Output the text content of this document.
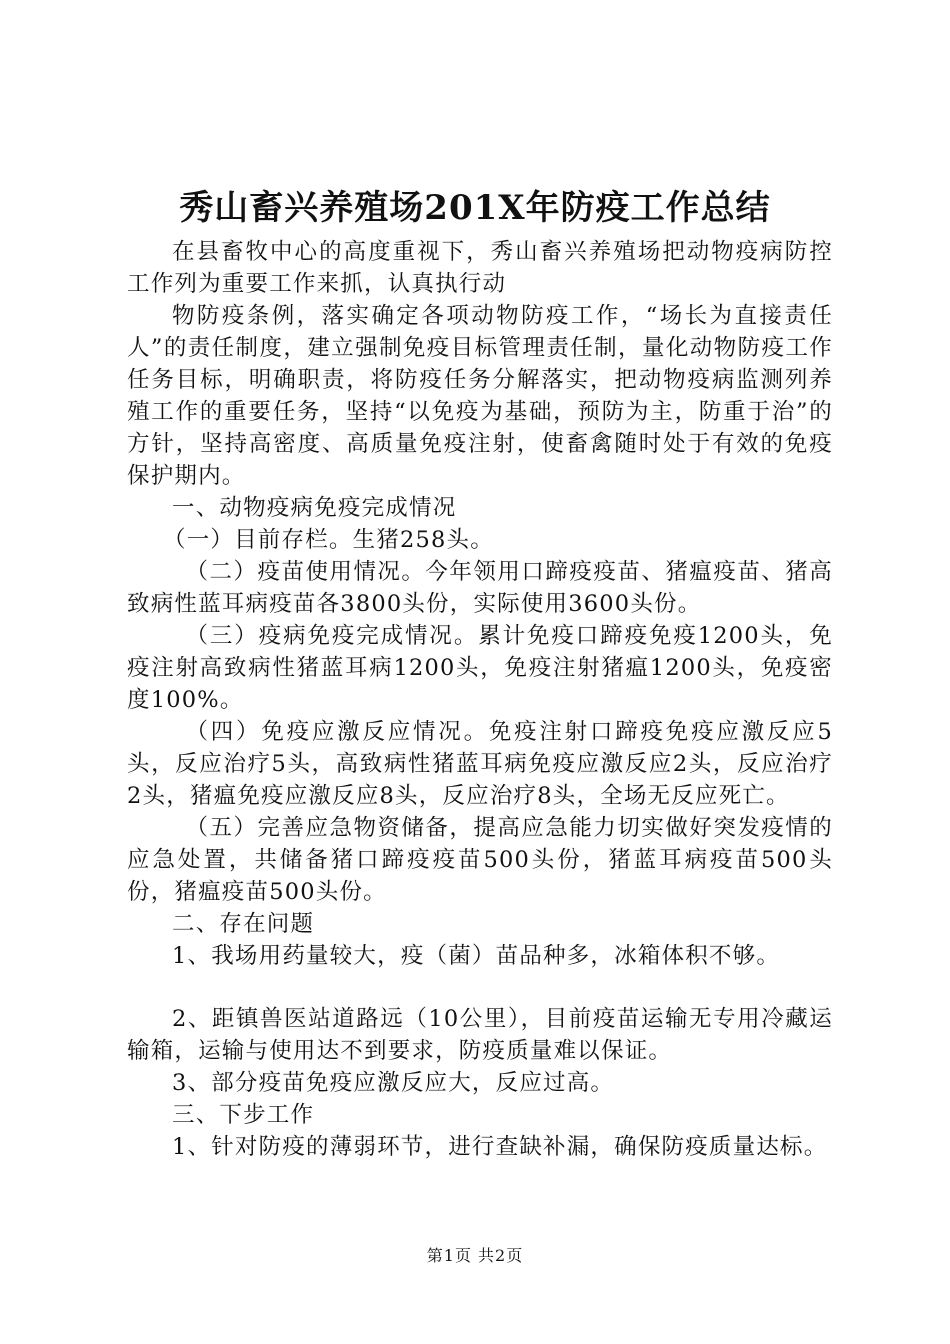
秀山畜兴养殖场201X年防疫工作总结

在县畜牧中心的高度重视下，秀山畜兴养殖场把动物疫病防控工作列为重要工作来抓，认真执行动

物防疫条例，落实确定各项动物防疫工作，“场长为直接责任人”的责任制度，建立强制免疫目标管理责任制，量化动物防疫工作任务目标，明确职责，将防疫任务分解落实，把动物疫病监测列养殖工作的重要任务，坚持“以免疫为基础，预防为主，防重于治”的方针，坚持高密度、高质量免疫注射，使畜禽随时处于有效的免疫保护期内。

一、动物疫病免疫完成情况

（一）目前存栏。生猪258头。

（二）疫苗使用情况。今年领用口蹄疫疫苗、猪瘟疫苗、猪高致病性蓝耳病疫苗各3800头份，实际使用3600头份。

（三）疫病免疫完成情况。累计免疫口蹄疫免疫1200头，免疫注射高致病性猪蓝耳病1200头，免疫注射猪瘟1200头，免疫密度100%。

（四）免疫应激反应情况。免疫注射口蹄疫免疫应激反应5头，反应治疗5头，高致病性猪蓝耳病免疫应激反应2头，反应治疗2头，猪瘟免疫应激反应8头，反应治疗8头，全场无反应死亡。

（五）完善应急物资储备，提高应急能力切实做好突发疫情的应急处置，共储备猪口蹄疫疫苗500头份，猪蓝耳病疫苗500头份，猪瘟疫苗500头份。

二、存在问题

1、我场用药量较大，疫（菌）苗品种多，冰箱体积不够。

2、距镇兽医站道路远（10公里），目前疫苗运输无专用冷藏运输箱，运输与使用达不到要求，防疫质量难以保证。

3、部分疫苗免疫应激反应大，反应过高。

三、下步工作

1、针对防疫的薄弱环节，进行查缺补漏，确保防疫质量达标。

第1页 共2页
